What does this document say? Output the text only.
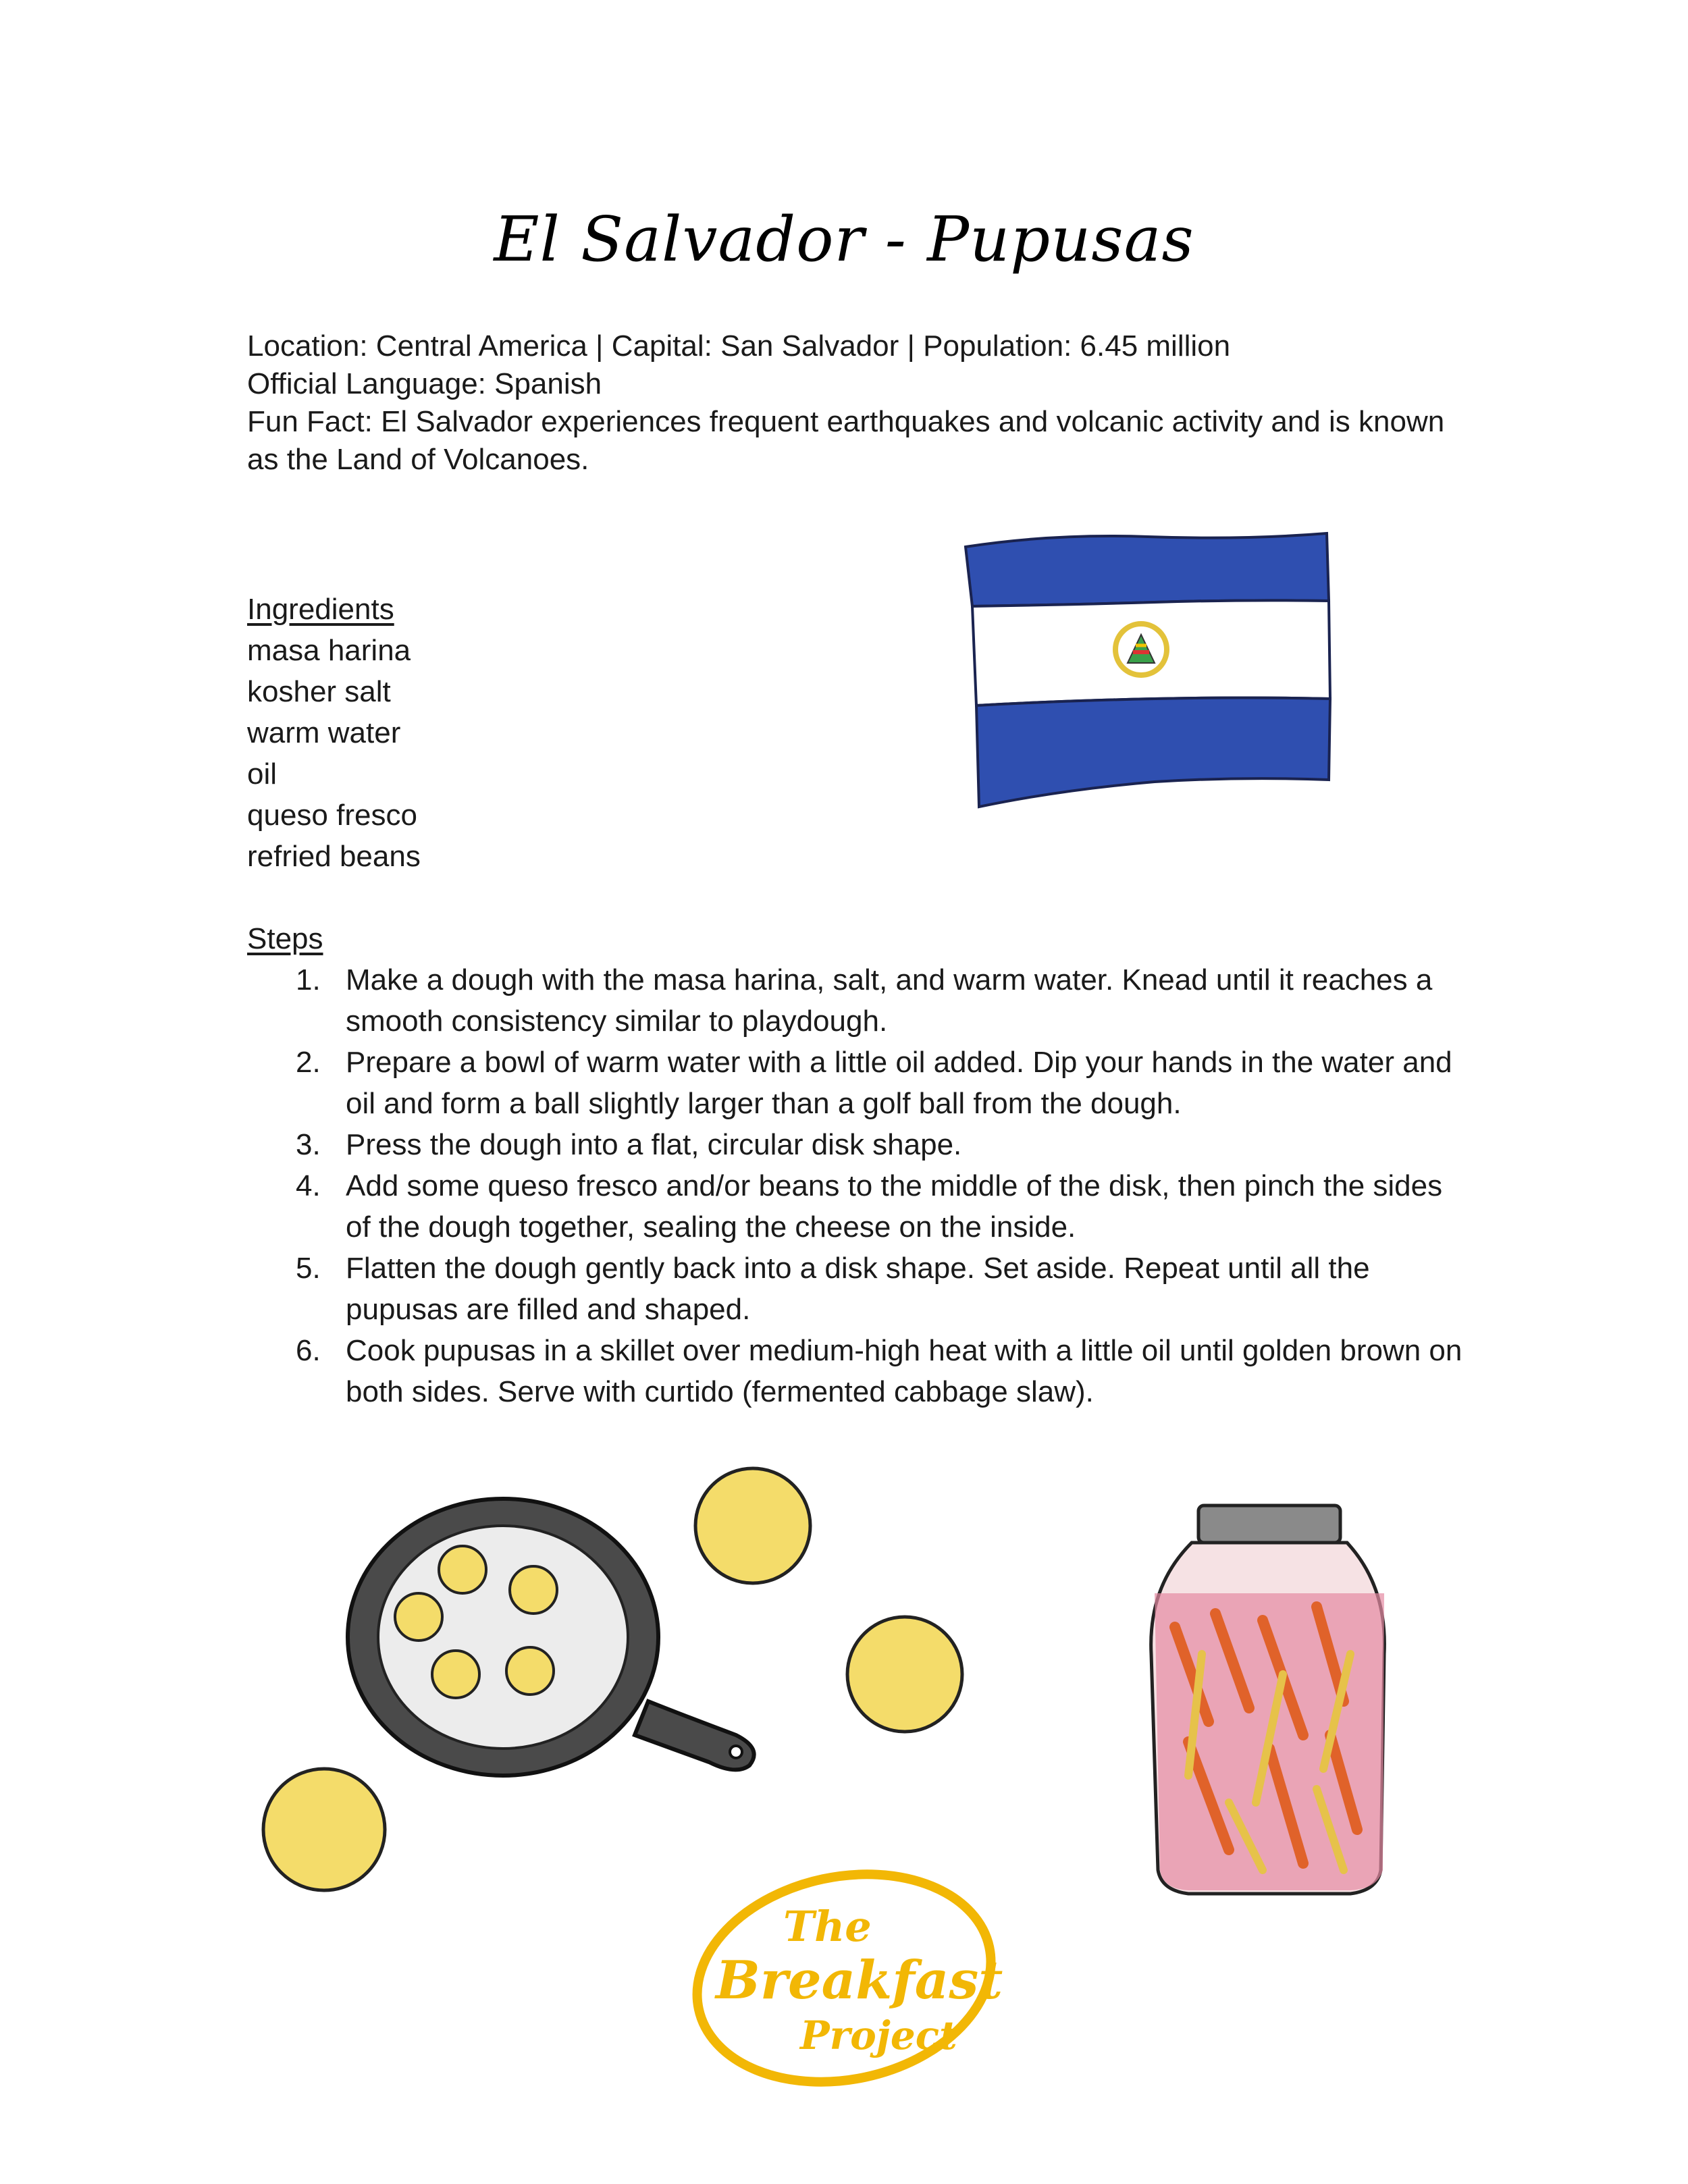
El Salvador - Pupusas
Location: Central America | Capital: San Salvador | Population: 6.45 million
Official Language: Spanish
Fun Fact: El Salvador experiences frequent earthquakes and volcanic activity and is known as the Land of Volcanoes.
Ingredients
masa harina
kosher salt
warm water
oil
queso fresco
refried beans
Steps
1. Make a dough with the masa harina, salt, and warm water. Knead until it reaches a smooth consistency similar to playdough.
2. Prepare a bowl of warm water with a little oil added. Dip your hands in the water and oil and form a ball slightly larger than a golf ball from the dough.
3. Press the dough into a flat, circular disk shape.
4. Add some queso fresco and/or beans to the middle of the disk, then pinch the sides of the dough together, sealing the cheese on the inside.
5. Flatten the dough gently back into a disk shape. Set aside. Repeat until all the pupusas are filled and shaped.
6. Cook pupusas in a skillet over medium-high heat with a little oil until golden brown on both sides. Serve with curtido (fermented cabbage slaw).
The
Breakfast
Project
